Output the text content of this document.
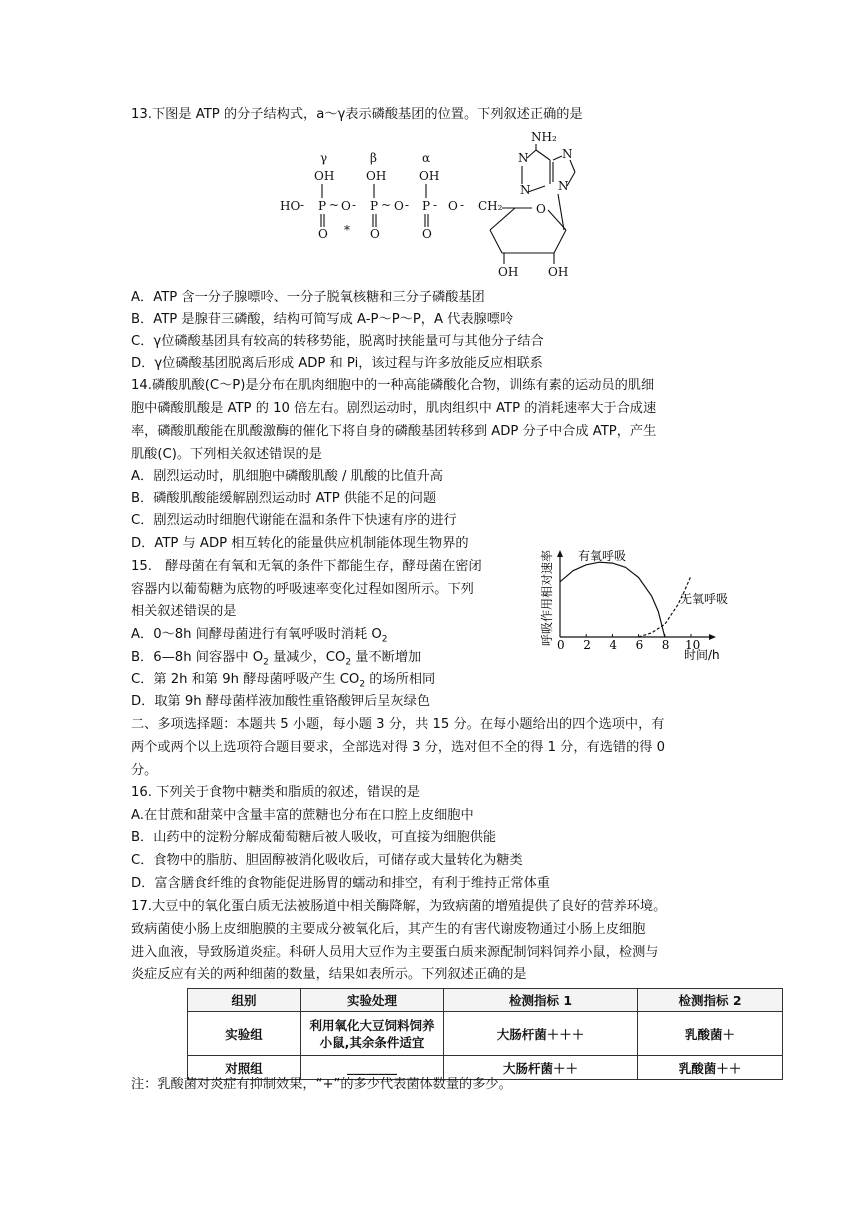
13.下图是 ATP 的分子结构式，a～γ表示磷酸基团的位置。下列叙述正确的是
NH₂
γ	β	α
OH	OH	OH
HO - P ~ O - P ~ O - P - O - CH₂
O * O	O
O
N	N
N N
OH OH
A．ATP 含一分子腺嘌呤、一分子脱氧核糖和三分子磷酸基团
B．ATP 是腺苷三磷酸，结构可简写成 A-P～P～P，A 代表腺嘌呤
C．γ位磷酸基团具有较高的转移势能，脱离时挟能量可与其他分子结合
D．γ位磷酸基团脱离后形成 ADP 和 Pi，该过程与许多放能反应相联系
14.磷酸肌酸(C～P)是分布在肌肉细胞中的一种高能磷酸化合物，训练有素的运动员的肌细
胞中磷酸肌酸是 ATP 的 10 倍左右。剧烈运动时，肌肉组织中 ATP 的消耗速率大于合成速
率，磷酸肌酸能在肌酸激酶的催化下将自身的磷酸基团转移到 ADP 分子中合成 ATP，产生
肌酸(C)。下列相关叙述错误的是
A．剧烈运动时，肌细胞中磷酸肌酸 / 肌酸的比值升高
B．磷酸肌酸能缓解剧烈运动时 ATP 供能不足的问题
C．剧烈运动时细胞代谢能在温和条件下快速有序的进行
D．ATP 与 ADP 相互转化的能量供应机制能体现生物界的
15.　酵母菌在有氧和无氧的条件下都能生存，酵母菌在密闭
容器内以葡萄糖为底物的呼吸速率变化过程如图所示。下列
相关叙述错误的是
A．0～8h 间酵母菌进行有氧呼吸时消耗 $O_2$
B．6—8h 间容器中 $O_2$ 量减少，$CO_2$ 量不断增加
C．第 2h 和第 9h 酵母菌呼吸产生 $CO_2$ 的场所相同
D．取第 9h 酵母菌样液加酸性重铬酸钾后呈灰绿色
呼吸作用相对速率 0 2 4 6 8 10
有氧呼吸
无氧呼吸
时间/h
二、多项选择题：本题共 5 小题，每小题 3 分，共 15 分。在每小题给出的四个选项中，有
两个或两个以上选项符合题目要求，全部选对得 3 分，选对但不全的得 1 分，有选错的得 0
分。
16. 下列关于食物中糖类和脂质的叙述，错误的是
A.在甘蔗和甜菜中含量丰富的蔗糖也分布在口腔上皮细胞中
B．山药中的淀粉分解成葡萄糖后被人吸收，可直接为细胞供能
C．食物中的脂肪、胆固醇被消化吸收后，可储存或大量转化为糖类
D．富含膳食纤维的食物能促进肠胃的蠕动和排空，有利于维持正常体重
17.大豆中的氧化蛋白质无法被肠道中相关酶降解，为致病菌的增殖提供了良好的营养环境。
致病菌使小肠上皮细胞膜的主要成分被氧化后，其产生的有害代谢废物通过小肠上皮细胞
进入血液，导致肠道炎症。科研人员用大豆作为主要蛋白质来源配制饲料饲养小鼠，检测与
炎症反应有关的两种细菌的数量，结果如表所示。下列叙述正确的是
组别	实验处理	检测指标 1	检测指标 2
实验组	利用氧化大豆饲料饲养
小鼠,其余条件适宜	大肠杆菌＋＋＋	乳酸菌＋
对照组	________	大肠杆菌＋＋	乳酸菌＋＋
注：乳酸菌对炎症有抑制效果，“+”的多少代表菌体数量的多少。
